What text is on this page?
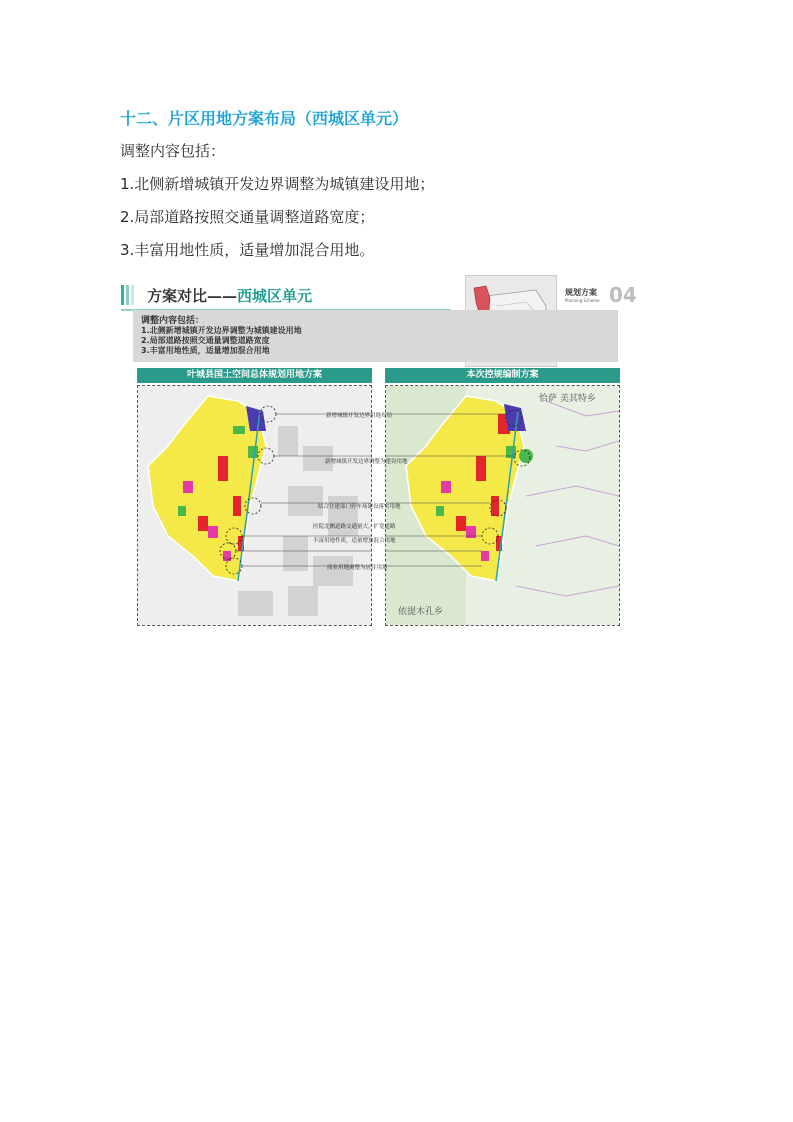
十二、片区用地方案布局（西城区单元）
调整内容包括：
1.北侧新增城镇开发边界调整为城镇建设用地；
2.局部道路按照交通量调整道路宽度；
3.丰富用地性质，适量增加混合用地。
方案对比——西城区单元	规划方案
Planning Scheme 04
调整内容包括：
1.北侧新增城镇开发边界调整为城镇建设用地
2.局部道路按照交通量调整道路宽度
3.丰富用地性质，适量增加混合用地
叶城县国土空间总体规划用地方案	本次控规编制方案
新增城镇开发边界用地布局
新增城镇开发边界调整为建设用地
结合住建部门停车场建设落实用地
医院北侧道路交通量大，扩宽道路
丰富用地性质，适量增加混合用地
商业用地调整为居住用地
恰萨 美其特乡
依提木孔乡
